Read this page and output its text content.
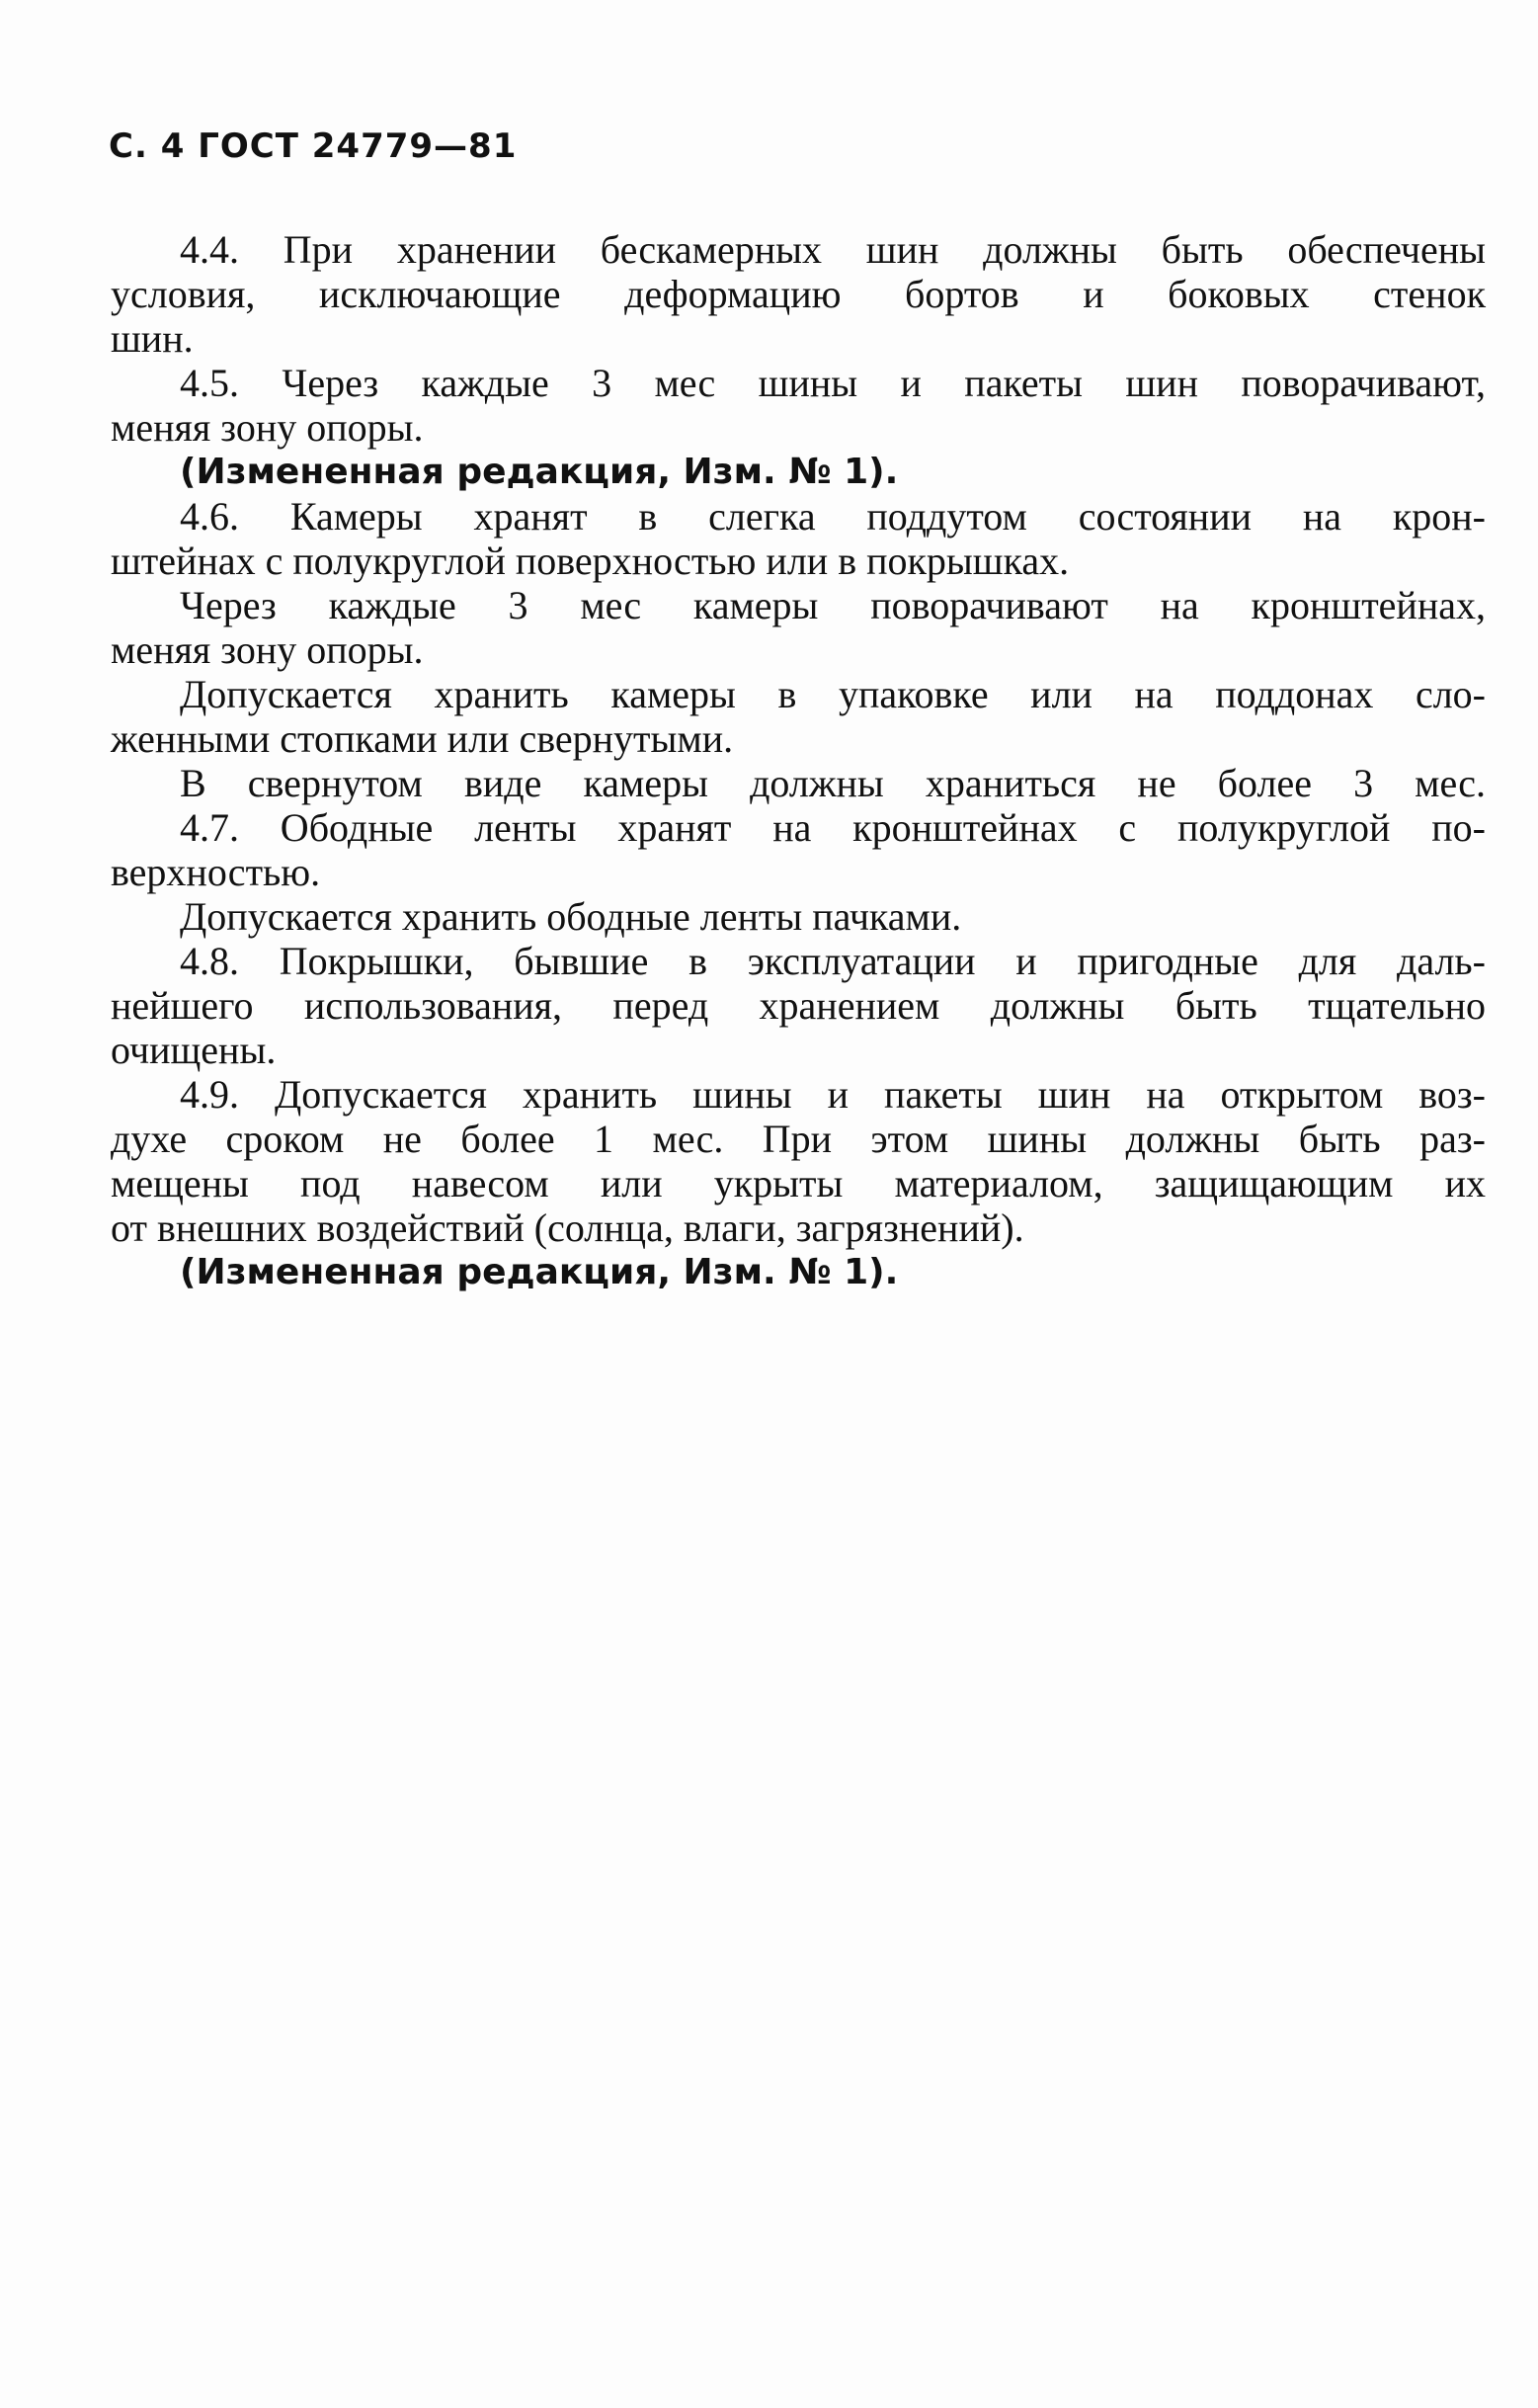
С. 4 ГОСТ 24779—81
4.4. При хранении бескамерных шин должны быть обеспечены
условия, исключающие деформацию бортов и боковых стенок
шин.
4.5. Через каждые 3 мес шины и пакеты шин поворачивают,
меняя зону опоры.
(Измененная редакция, Изм. № 1).
4.6. Камеры хранят в слегка поддутом состоянии на крон-
штейнах с полукруглой поверхностью или в покрышках.
Через каждые 3 мес камеры поворачивают на кронштейнах,
меняя зону опоры.
Допускается хранить камеры в упаковке или на поддонах сло-
женными стопками или свернутыми.
В свернутом виде камеры должны храниться не более 3 мес.
4.7. Ободные ленты хранят на кронштейнах с полукруглой по-
верхностью.
Допускается хранить ободные ленты пачками.
4.8. Покрышки, бывшие в эксплуатации и пригодные для даль-
нейшего использования, перед хранением должны быть тщательно
очищены.
4.9. Допускается хранить шины и пакеты шин на открытом воз-
духе сроком не более 1 мес. При этом шины должны быть раз-
мещены под навесом или укрыты материалом, защищающим их
от внешних воздействий (солнца, влаги, загрязнений).
(Измененная редакция, Изм. № 1).
